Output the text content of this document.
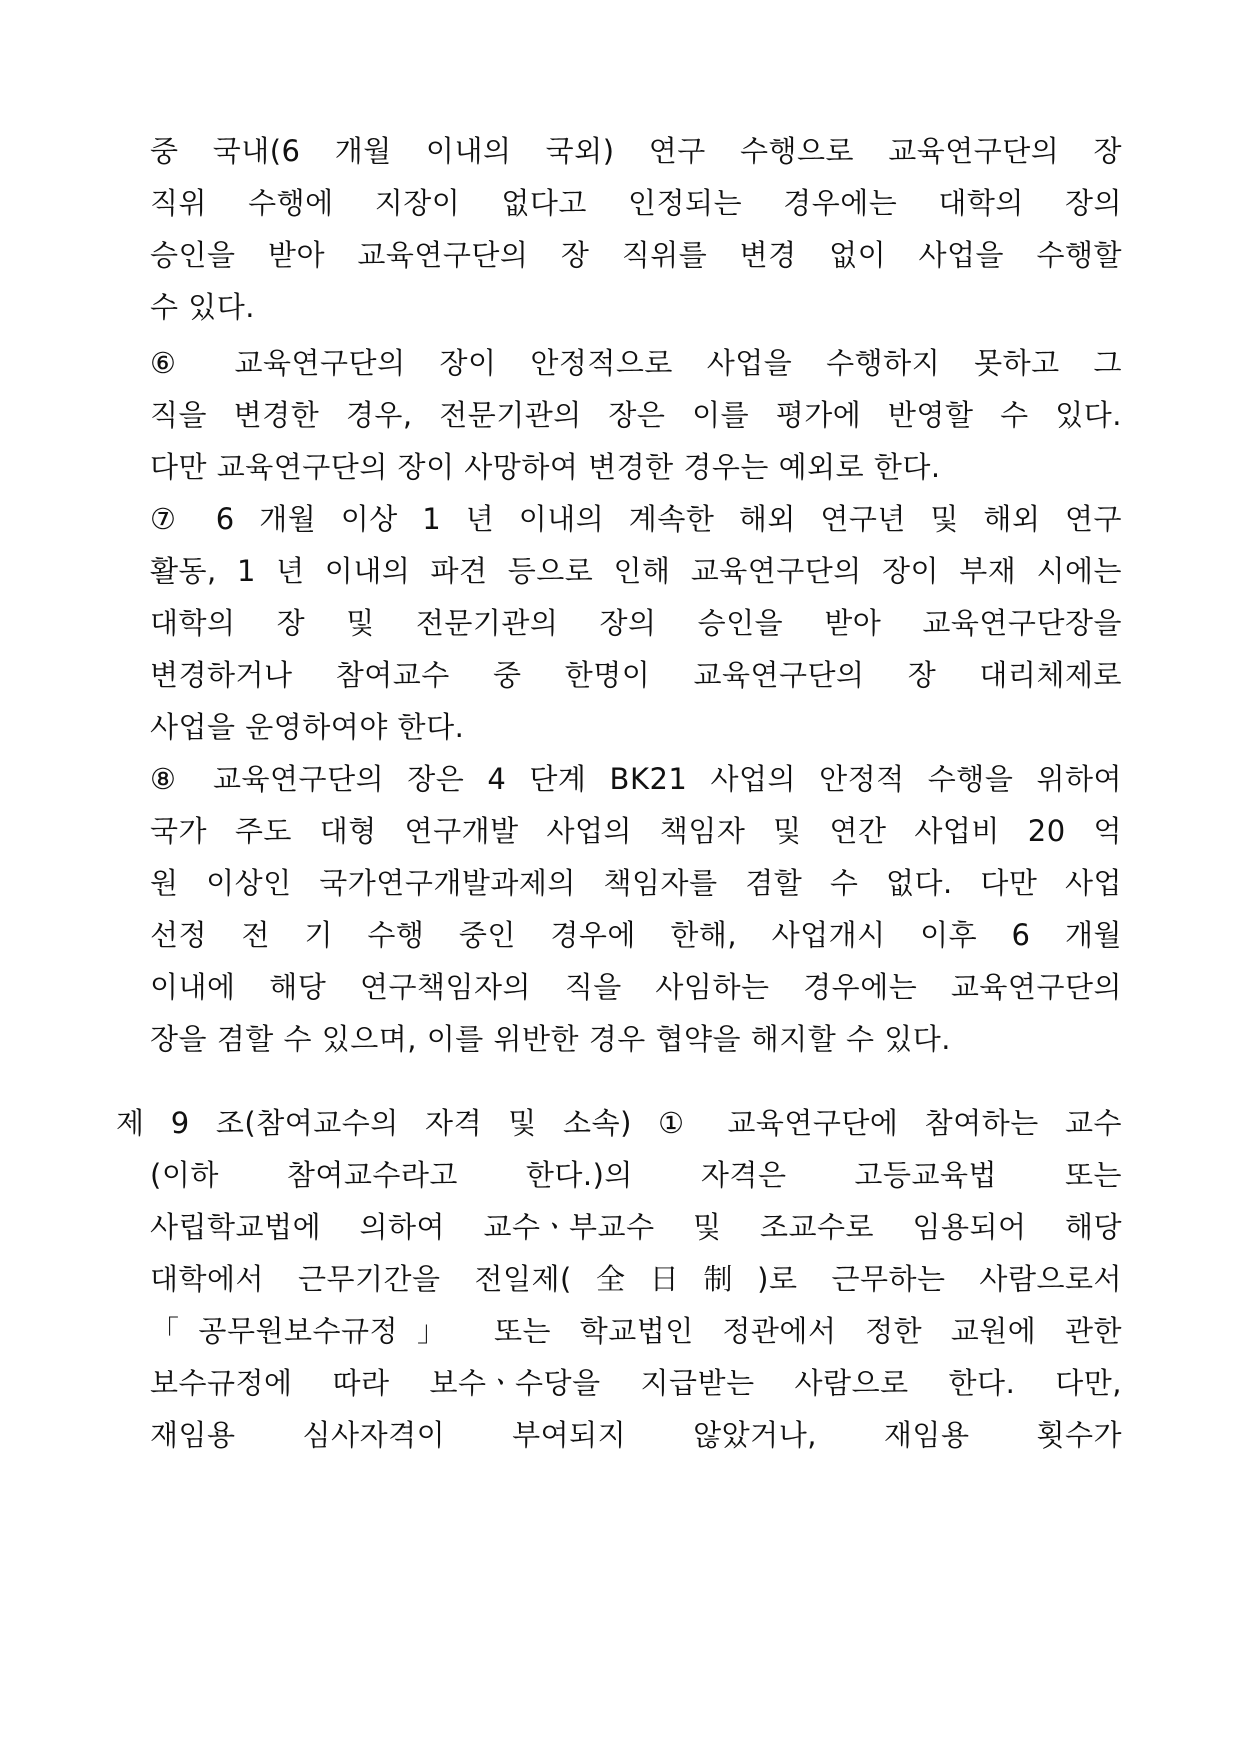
중 국내(6 개월 이내의 국외) 연구 수행으로 교육연구단의 장
직위 수행에 지장이 없다고 인정되는 경우에는 대학의 장의
승인을 받아 교육연구단의 장 직위를 변경 없이 사업을 수행할
수 있다.
⑥ 교육연구단의 장이 안정적으로 사업을 수행하지 못하고 그
직을 변경한 경우, 전문기관의 장은 이를 평가에 반영할 수 있다.
다만 교육연구단의 장이 사망하여 변경한 경우는 예외로 한다.
⑦ 6 개월 이상 1 년 이내의 계속한 해외 연구년 및 해외 연구
활동, 1 년 이내의 파견 등으로 인해 교육연구단의 장이 부재 시에는
대학의 장 및 전문기관의 장의 승인을 받아 교육연구단장을
변경하거나 참여교수 중 한명이 교육연구단의 장 대리체제로
사업을 운영하여야 한다.
⑧ 교육연구단의 장은 4 단계 BK21 사업의 안정적 수행을 위하여
국가 주도 대형 연구개발 사업의 책임자 및 연간 사업비 20 억
원 이상인 국가연구개발과제의 책임자를 겸할 수 없다. 다만 사업
선정 전 기 수행 중인 경우에 한해, 사업개시 이후 6 개월
이내에 해당 연구책임자의 직을 사임하는 경우에는 교육연구단의
장을 겸할 수 있으며, 이를 위반한 경우 협약을 해지할 수 있다.
제 9 조(참여교수의 자격 및 소속) ① 교육연구단에 참여하는 교수
(이하 참여교수라고 한다.)의 자격은 고등교육법 또는
사립학교법에 의하여 교수ㆍ부교수 및 조교수로 임용되어 해당
대학에서 근무기간을 전일제(全日制)로 근무하는 사람으로서
「공무원보수규정」 또는 학교법인 정관에서 정한 교원에 관한
보수규정에 따라 보수ㆍ수당을 지급받는 사람으로 한다. 다만,
재임용 심사자격이 부여되지 않았거나, 재임용 횟수가
